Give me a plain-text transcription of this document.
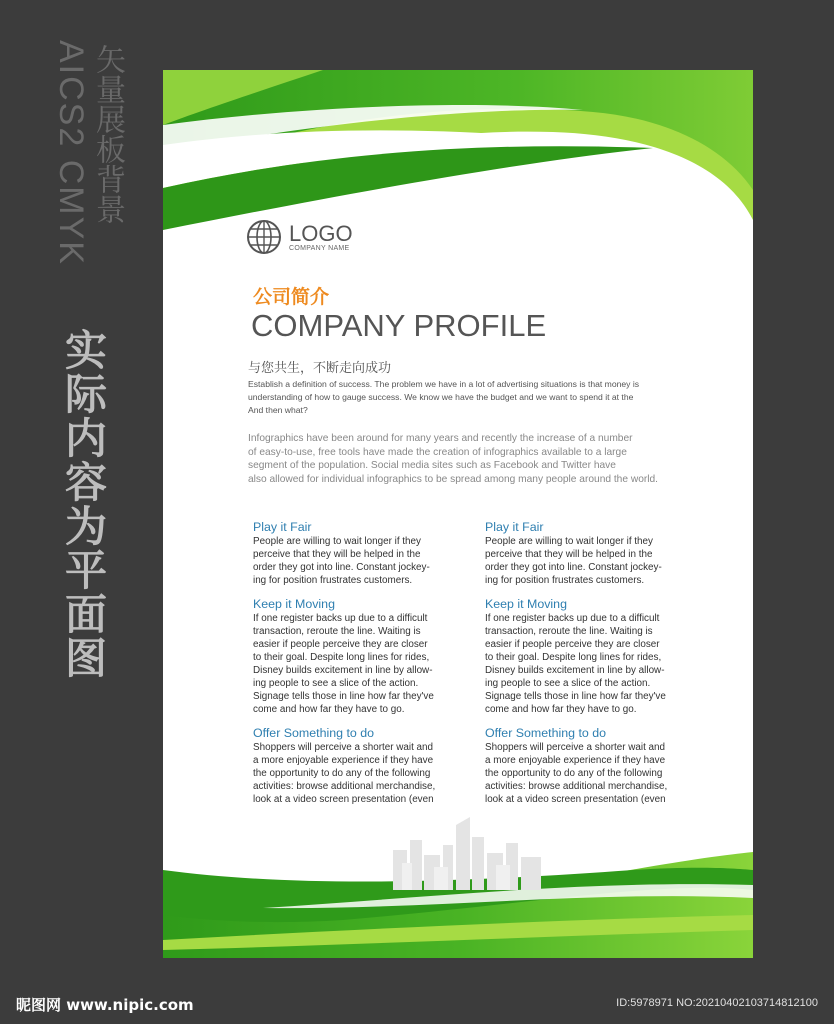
AICS2 CMYK 矢量展板背景
实际内容为平面图
LOGO
COMPANY NAME
公司简介
COMPANY PROFILE
与您共生，不断走向成功
Establish a definition of success. The problem we have in a lot of advertising situations is that money is
understanding of how to gauge success. We know we have the budget and we want to spend it at the
And then what?
Infographics have been around for many years and recently the increase of a number
of easy-to-use, free tools have made the creation of infographics available to a large
segment of the population. Social media sites such as Facebook and Twitter have
also allowed for individual infographics to be spread among many people around the world.
Play it Fair
People are willing to wait longer if they
perceive that they will be helped in the
order they got into line. Constant jockey-
ing for position frustrates customers.
Keep it Moving
If one register backs up due to a difficult
transaction, reroute the line. Waiting is
easier if people perceive they are closer
to their goal. Despite long lines for rides,
Disney builds excitement in line by allow-
ing people to see a slice of the action.
Signage tells those in line how far they've
come and how far they have to go.
Offer Something to do
Shoppers will perceive a shorter wait and
a more enjoyable experience if they have
the opportunity to do any of the following
activities: browse additional merchandise,
look at a video screen presentation (even
Play it Fair
People are willing to wait longer if they
perceive that they will be helped in the
order they got into line. Constant jockey-
ing for position frustrates customers.
Keep it Moving
If one register backs up due to a difficult
transaction, reroute the line. Waiting is
easier if people perceive they are closer
to their goal. Despite long lines for rides,
Disney builds excitement in line by allow-
ing people to see a slice of the action.
Signage tells those in line how far they've
come and how far they have to go.
Offer Something to do
Shoppers will perceive a shorter wait and
a more enjoyable experience if they have
the opportunity to do any of the following
activities: browse additional merchandise,
look at a video screen presentation (even
昵图网 www.nipic.com	ID:5978971 NO:20210402103714812100
